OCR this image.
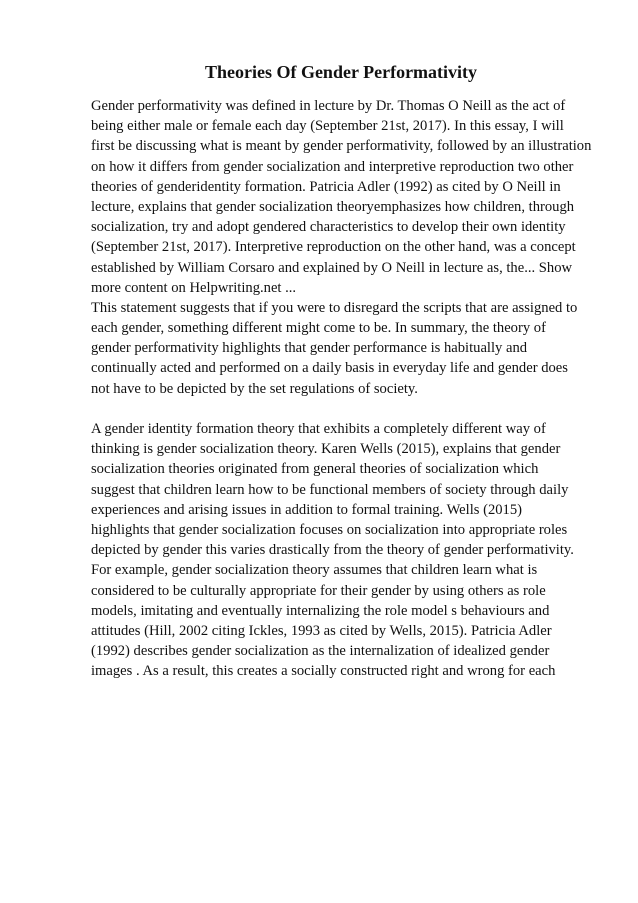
Theories Of Gender Performativity
Gender performativity was defined in lecture by Dr. Thomas O Neill as the act of
being either male or female each day (September 21st, 2017). In this essay, I will
first be discussing what is meant by gender performativity, followed by an illustration
on how it differs from gender socialization and interpretive reproduction two other
theories of genderidentity formation. Patricia Adler (1992) as cited by O Neill in
lecture, explains that gender socialization theoryemphasizes how children, through
socialization, try and adopt gendered characteristics to develop their own identity
(September 21st, 2017). Interpretive reproduction on the other hand, was a concept
established by William Corsaro and explained by O Neill in lecture as, the... Show
more content on Helpwriting.net ...
This statement suggests that if you were to disregard the scripts that are assigned to
each gender, something different might come to be. In summary, the theory of
gender performativity highlights that gender performance is habitually and
continually acted and performed on a daily basis in everyday life and gender does
not have to be depicted by the set regulations of society.
A gender identity formation theory that exhibits a completely different way of
thinking is gender socialization theory. Karen Wells (2015), explains that gender
socialization theories originated from general theories of socialization which
suggest that children learn how to be functional members of society through daily
experiences and arising issues in addition to formal training. Wells (2015)
highlights that gender socialization focuses on socialization into appropriate roles
depicted by gender this varies drastically from the theory of gender performativity.
For example, gender socialization theory assumes that children learn what is
considered to be culturally appropriate for their gender by using others as role
models, imitating and eventually internalizing the role model s behaviours and
attitudes (Hill, 2002 citing Ickles, 1993 as cited by Wells, 2015). Patricia Adler
(1992) describes gender socialization as the internalization of idealized gender
images . As a result, this creates a socially constructed right and wrong for each
